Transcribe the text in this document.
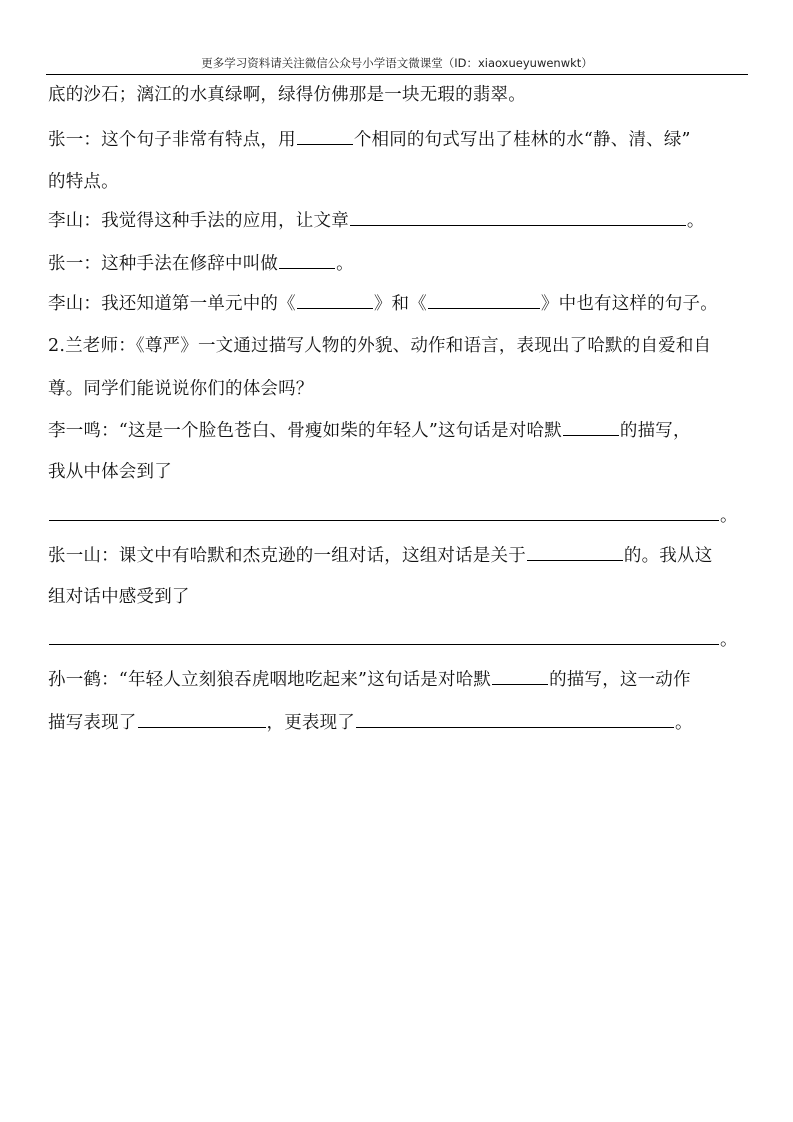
更多学习资料请关注微信公众号小学语文微课堂（ID：xiaoxueyuwenwkt）
底的沙石；漓江的水真绿啊，绿得仿佛那是一块无瑕的翡翠。
张一：这个句子非常有特点，用	个相同的句式写出了桂林的水“静、清、绿”
的特点。
李山：我觉得这种手法的应用，让文章	。
张一：这种手法在修辞中叫做	。
李山：我还知道第一单元中的《	》和《	》中也有这样的句子。
2.兰老师：《尊严》一文通过描写人物的外貌、动作和语言，表现出了哈默的自爱和自
尊。同学们能说说你们的体会吗？
李一鸣：“这是一个脸色苍白、骨瘦如柴的年轻人”这句话是对哈默	的描写，
我从中体会到了
。
张一山：课文中有哈默和杰克逊的一组对话，这组对话是关于	的。我从这
组对话中感受到了
。
孙一鹤：“年轻人立刻狼吞虎咽地吃起来”这句话是对哈默	的描写，这一动作
描写表现了	，更表现了	。
